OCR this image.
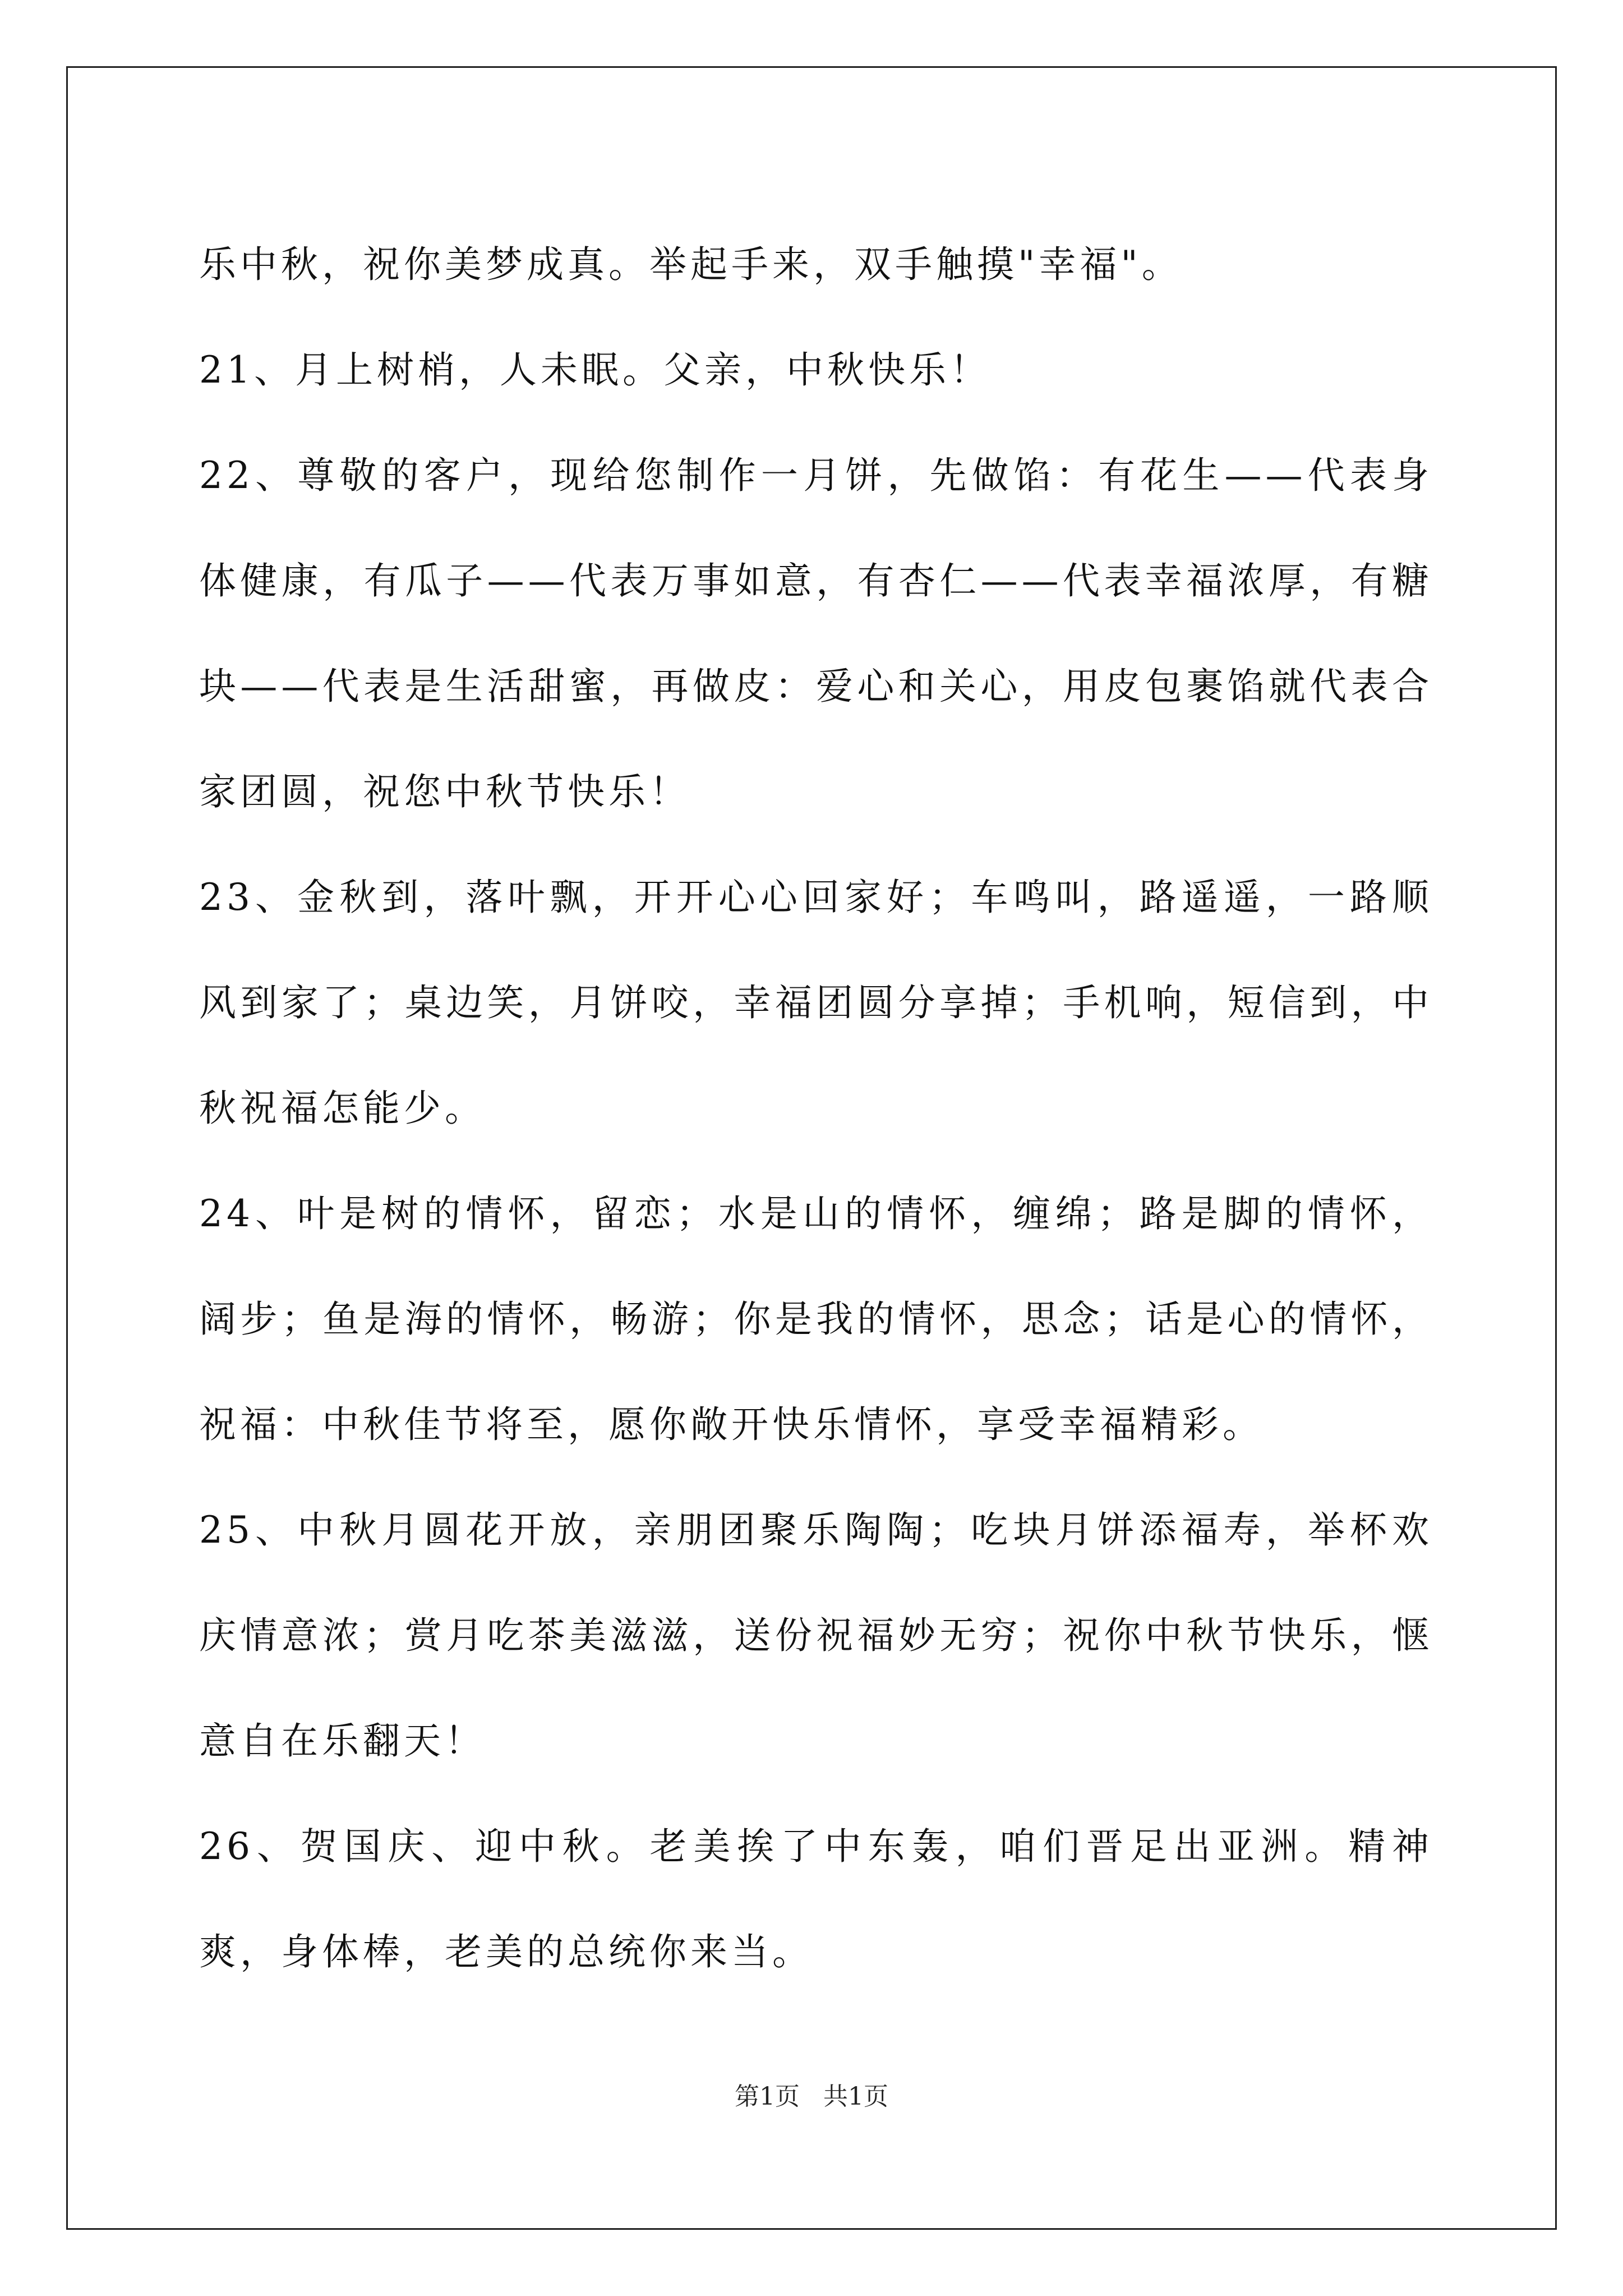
乐中秋，祝你美梦成真。举起手来，双手触摸"幸福"。

21、月上树梢，人未眠。父亲，中秋快乐！

22、尊敬的客户，现给您制作一月饼，先做馅：有花生——代表身体健康，有瓜子——代表万事如意，有杏仁——代表幸福浓厚，有糖块——代表是生活甜蜜，再做皮：爱心和关心，用皮包裹馅就代表合家团圆，祝您中秋节快乐！

23、金秋到，落叶飘，开开心心回家好；车鸣叫，路遥遥，一路顺风到家了；桌边笑，月饼咬，幸福团圆分享掉；手机响，短信到，中秋祝福怎能少。

24、叶是树的情怀，留恋；水是山的情怀，缠绵；路是脚的情怀，阔步；鱼是海的情怀，畅游；你是我的情怀，思念；话是心的情怀，祝福：中秋佳节将至，愿你敞开快乐情怀，享受幸福精彩。

25、中秋月圆花开放，亲朋团聚乐陶陶；吃块月饼添福寿，举杯欢庆情意浓；赏月吃茶美滋滋，送份祝福妙无穷；祝你中秋节快乐，惬意自在乐翻天！

26、贺国庆、迎中秋。老美挨了中东轰，咱们晋足出亚洲。精神爽，身体棒，老美的总统你来当。

第1页 共1页
